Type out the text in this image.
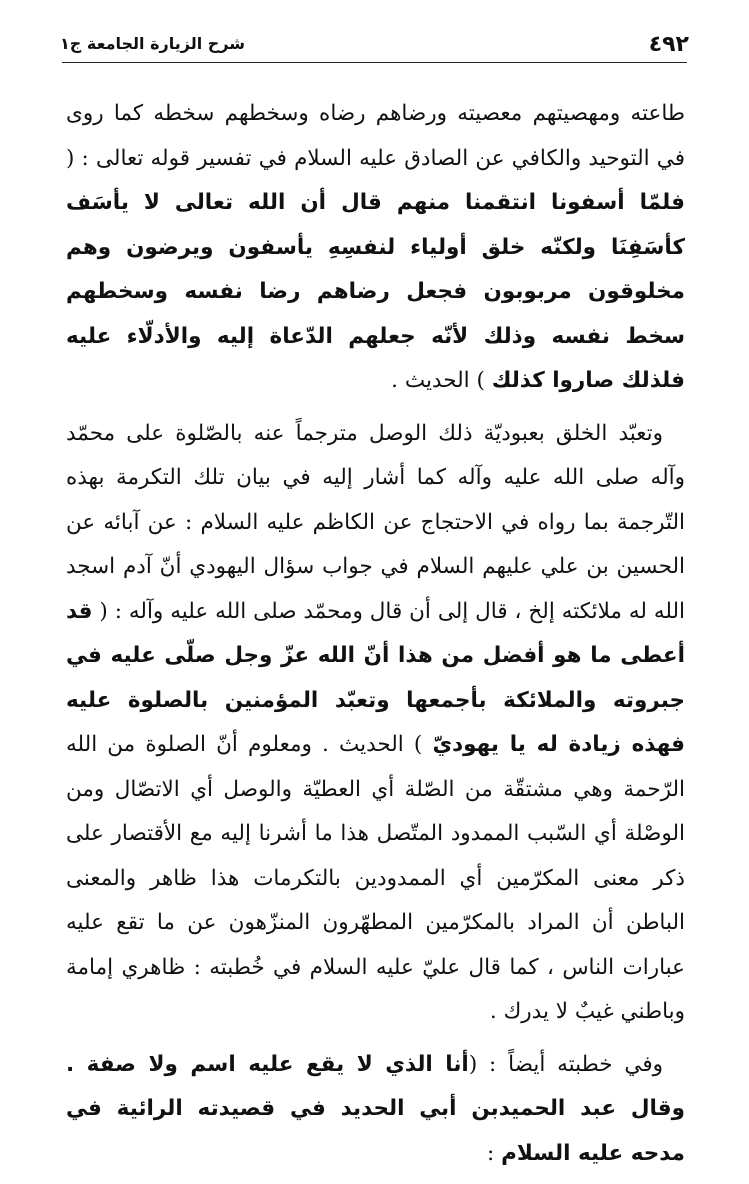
٤٩٢
شرح الزيارة الجامعة ج١

طاعته ومهصيتهم معصيته ورضاهم رضاه وسخطهم سخطه كما روى في التوحيد والكافي عن الصادق عليه السلام في تفسير قوله تعالى : ( فلمّا أسفونا انتقمنا منهم قال أن الله تعالى لا يأسَف كأسَفِنَا ولكنّه خلق أولياء لنفسِهِ يأسفون ويرضون وهم مخلوقون مربوبون فجعل رضاهم رضا نفسه وسخطهم سخط نفسه وذلك لأنّه جعلهم الدّعاة إليه والأدلّاء عليه فلذلك صاروا كذلك ) الحديث .

وتعبّد الخلق بعبوديّة ذلك الوصل مترجماً عنه بالصّلوة على محمّد وآله صلى الله عليه وآله كما أشار إليه في بيان تلك التكرمة بهذه التّرجمة بما رواه في الاحتجاج عن الكاظم عليه السلام : عن آبائه عن الحسين بن علي عليهم السلام في جواب سؤال اليهودي أنّ آدم اسجد الله له ملائكته إلخ ، قال إلى أن قال ومحمّد صلى الله عليه وآله : ( قد أعطى ما هو أفضل من هذا أنّ الله عزّ وجل صلّى عليه في جبروته والملائكة بأجمعها وتعبّد المؤمنين بالصلوة عليه فهذه زيادة له يا يهوديّ ) الحديث . ومعلوم أنّ الصلوة من الله الرّحمة وهي مشتقّة من الصّلة أي العطيّة والوصل أي الاتصّال ومن الوصْلة أي السّبب الممدود المتّصل هذا ما أشرنا إليه مع الأقتصار على ذكر معنى المكرّمين أي الممدودين بالتكرمات هذا ظاهر والمعنى الباطن أن المراد بالمكرّمين المطهّرون المنزّهون عن ما تقع عليه عبارات الناس ، كما قال عليّ عليه السلام في خُطبته : ظاهري إمامة وباطني غيبٌ لا يدرك .

وفي خطبته أيضاً : (أنا الذي لا يقع عليه اسم ولا صفة . وقال عبد الحميدبن أبي الحديد في قصيدته الرائية في مدحه عليه السلام :
